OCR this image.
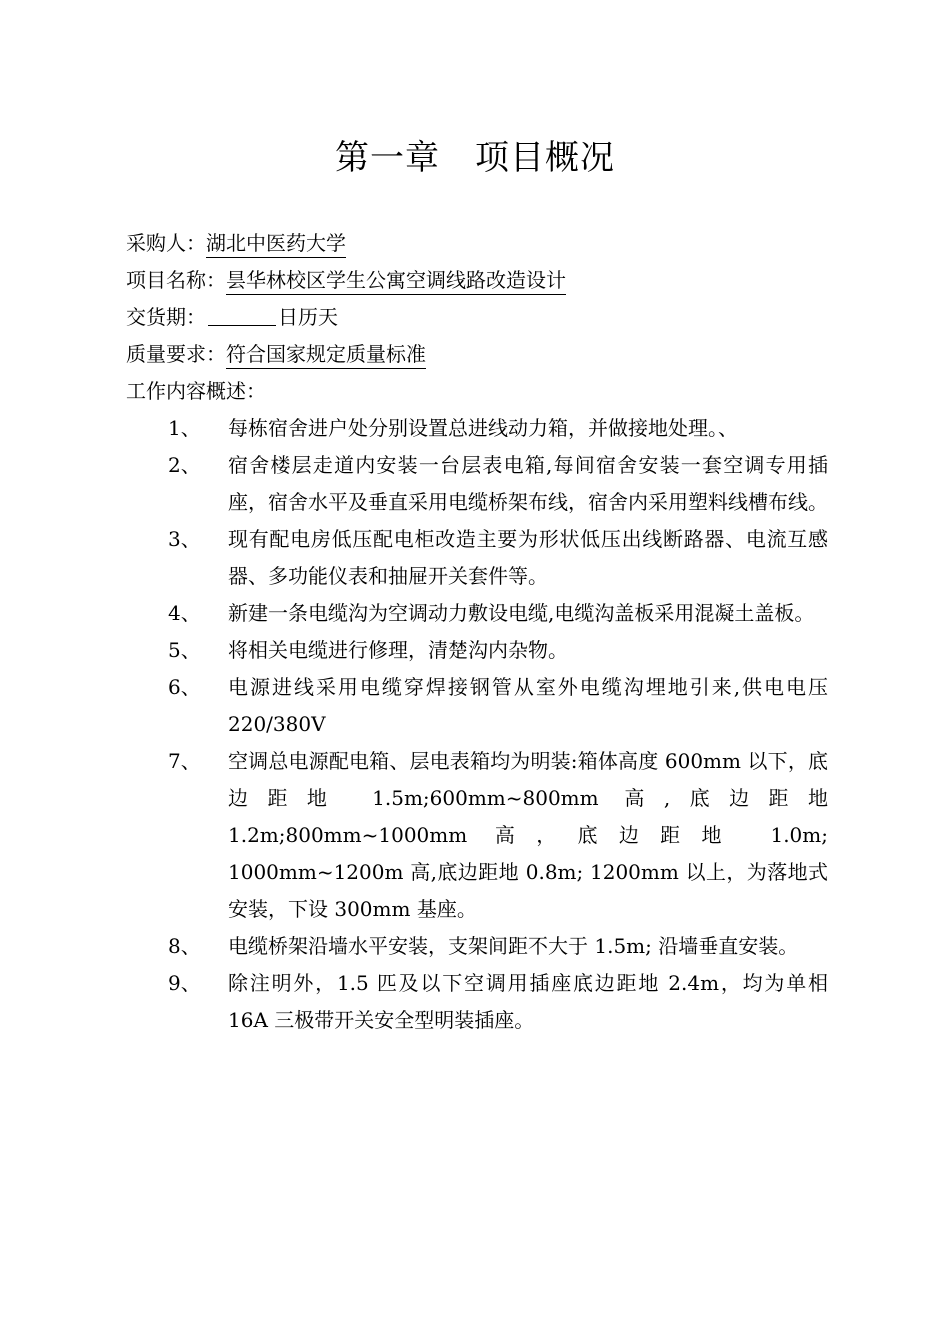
第一章　项目概况
采购人：湖北中医药大学
项目名称：昙华林校区学生公寓空调线路改造设计
交货期：	日历天
质量要求：符合国家规定质量标准
工作内容概述：
1、	每栋宿舍进户处分别设置总进线动力箱，并做接地处理。、
2、	宿舍楼层走道内安装一台层表电箱,每间宿舍安装一套空调专用插座，宿舍水平及垂直采用电缆桥架布线，宿舍内采用塑料线槽布线。
3、	现有配电房低压配电柜改造主要为形状低压出线断路器、电流互感器、多功能仪表和抽屉开关套件等。
4、	新建一条电缆沟为空调动力敷设电缆,电缆沟盖板采用混凝土盖板。
5、	将相关电缆进行修理，清楚沟内杂物。
6、	电源进线采用电缆穿焊接钢管从室外电缆沟埋地引来,供电电压 220/380V
7、	空调总电源配电箱、层电表箱均为明装:箱体高度 600mm 以下，底边距地 1.5m;600mm~800mm 高,底边距地 1.2m;800mm~1000mm 高，底边距地 1.0m; 1000mm~1200m 高,底边距地 0.8m; 1200mm 以上，为落地式安装，下设 300mm 基座。
8、	电缆桥架沿墙水平安装，支架间距不大于 1.5m; 沿墙垂直安装。
9、	除注明外，1.5 匹及以下空调用插座底边距地 2.4m，均为单相 16A 三极带开关安全型明装插座。
